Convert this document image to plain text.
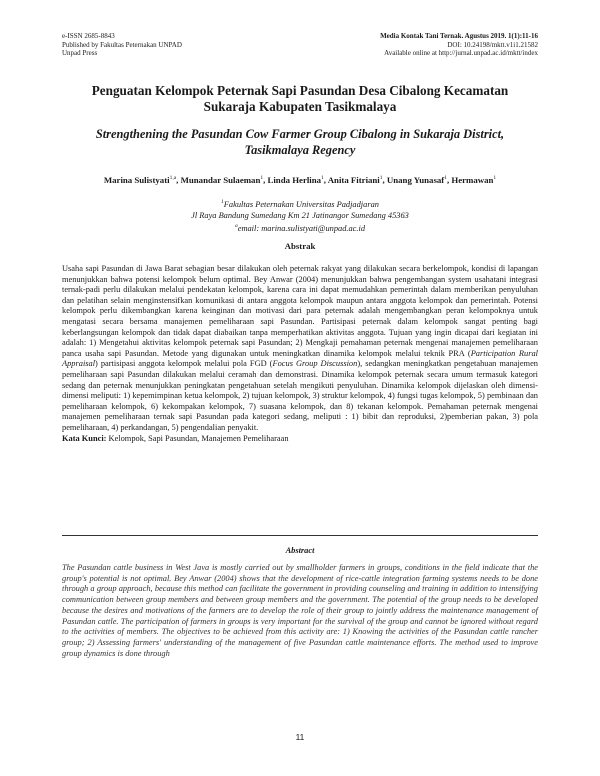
e-ISSN 2685-8843
Published by Fakultas Peternakan UNPAD
Unpad Press
Media Kontak Tani Ternak. Agustus 2019. 1(1):11-16
DOI: 10.24198/mktt.v1i1.21582
Available online at http://jurnal.unpad.ac.id/mktt/index
Penguatan Kelompok Peternak Sapi Pasundan Desa Cibalong Kecamatan
Sukaraja Kabupaten Tasikmalaya
Strengthening the Pasundan Cow Farmer Group Cibalong in Sukaraja District,
Tasikmalaya Regency
Marina Sulistyati$^{1,a}$, Munandar Sulaeman$^1$, Linda Herlina$^1$, Anita Fitriani$^1$, Unang Yunasaf$^1$, Hermawan$^1$
$^1$Fakultas Peternakan Universitas Padjadjaran
Jl Raya Bandung Sumedang Km 21 Jatinangor Sumedang 45363
$^a$email: marina.sulistyati@unpad.ac.id
Abstrak

Usaha sapi Pasundan di Jawa Barat sebagian besar dilakukan oleh peternak rakyat yang dilakukan secara berkelompok, kondisi di lapangan menunjukkan bahwa potensi kelompok belum optimal. Bey Anwar (2004) menunjukkan bahwa pengembangan system usahatani integrasi ternak-padi perlu dilakukan melalui pendekatan kelompok, karena cara ini dapat memudahkan pemerintah dalam memberikan penyuluhan dan pelatihan selain menginstensifkan komunikasi di antara anggota kelompok maupun antara anggota kelompok dan pemerintah. Potensi kelompok perlu dikembangkan karena keinginan dan motivasi dari para peternak adalah mengembangkan peran kelompoknya untuk mengatasi secara bersama manajemen pemeliharaan sapi Pasundan. Partisipasi peternak dalam kelompok sangat penting bagi keberlangsungan kelompok dan tidak dapat diabaikan tanpa memperhatikan aktivitas anggota. Tujuan yang ingin dicapai dari kegiatan ini adalah: 1) Mengetahui aktivitas kelompok peternak sapi Pasundan; 2) Mengkaji pemahaman peternak mengenai manajemen pemeliharaan panca usaha sapi Pasundan. Metode yang digunakan untuk meningkatkan dinamika kelompok melalui teknik PRA (Participation Rural Appraisal) partisipasi anggota kelompok melalui pola FGD (Focus Group Discussion), sedangkan meningkatkan pengetahuan manajemen pemeliharaan sapi Pasundan dilakukan melalui ceramah dan demonstrasi. Dinamika kelompok peternak secara umum termasuk kategori sedang dan peternak menunjukkan peningkatan pengetahuan setelah mengikuti penyuluhan. Dinamika kelompok dijelaskan oleh dimensi-dimensi meliputi: 1) kepemimpinan ketua kelompok, 2) tujuan kelompok, 3) struktur kelompok, 4) fungsi tugas kelompok, 5) pembinaan dan pemeliharaan kelompok, 6) kekompakan kelompok, 7) suasana kelompok, dan 8) tekanan kelompok. Pemahaman peternak mengenai manajemen pemeliharaan ternak sapi Pasundan pada kategori sedang, meliputi : 1) bibit dan reproduksi, 2)pemberian pakan, 3) pola pemeliharaan, 4) perkandangan, 5) pengendalian penyakit.

Kata Kunci: Kelompok, Sapi Pasundan, Manajemen Pemeliharaan

Abstract

The Pasundan cattle business in West Java is mostly carried out by smallholder farmers in groups, conditions in the field indicate that the group's potential is not optimal. Bey Anwar (2004) shows that the development of rice-cattle integration farming systems needs to be done through a group approach, because this method can facilitate the government in providing counseling and training in addition to intensifying communication between group members and between group members and the government. The potential of the group needs to be developed because the desires and motivations of the farmers are to develop the role of their group to jointly address the maintenance management of Pasundan cattle. The participation of farmers in groups is very important for the survival of the group and cannot be ignored without regard to the activities of members. The objectives to be achieved from this activity are: 1) Knowing the activities of the Pasundan cattle rancher group; 2) Assessing farmers' understanding of the management of five Pasundan cattle maintenance efforts. The method used to improve group dynamics is done through

11
